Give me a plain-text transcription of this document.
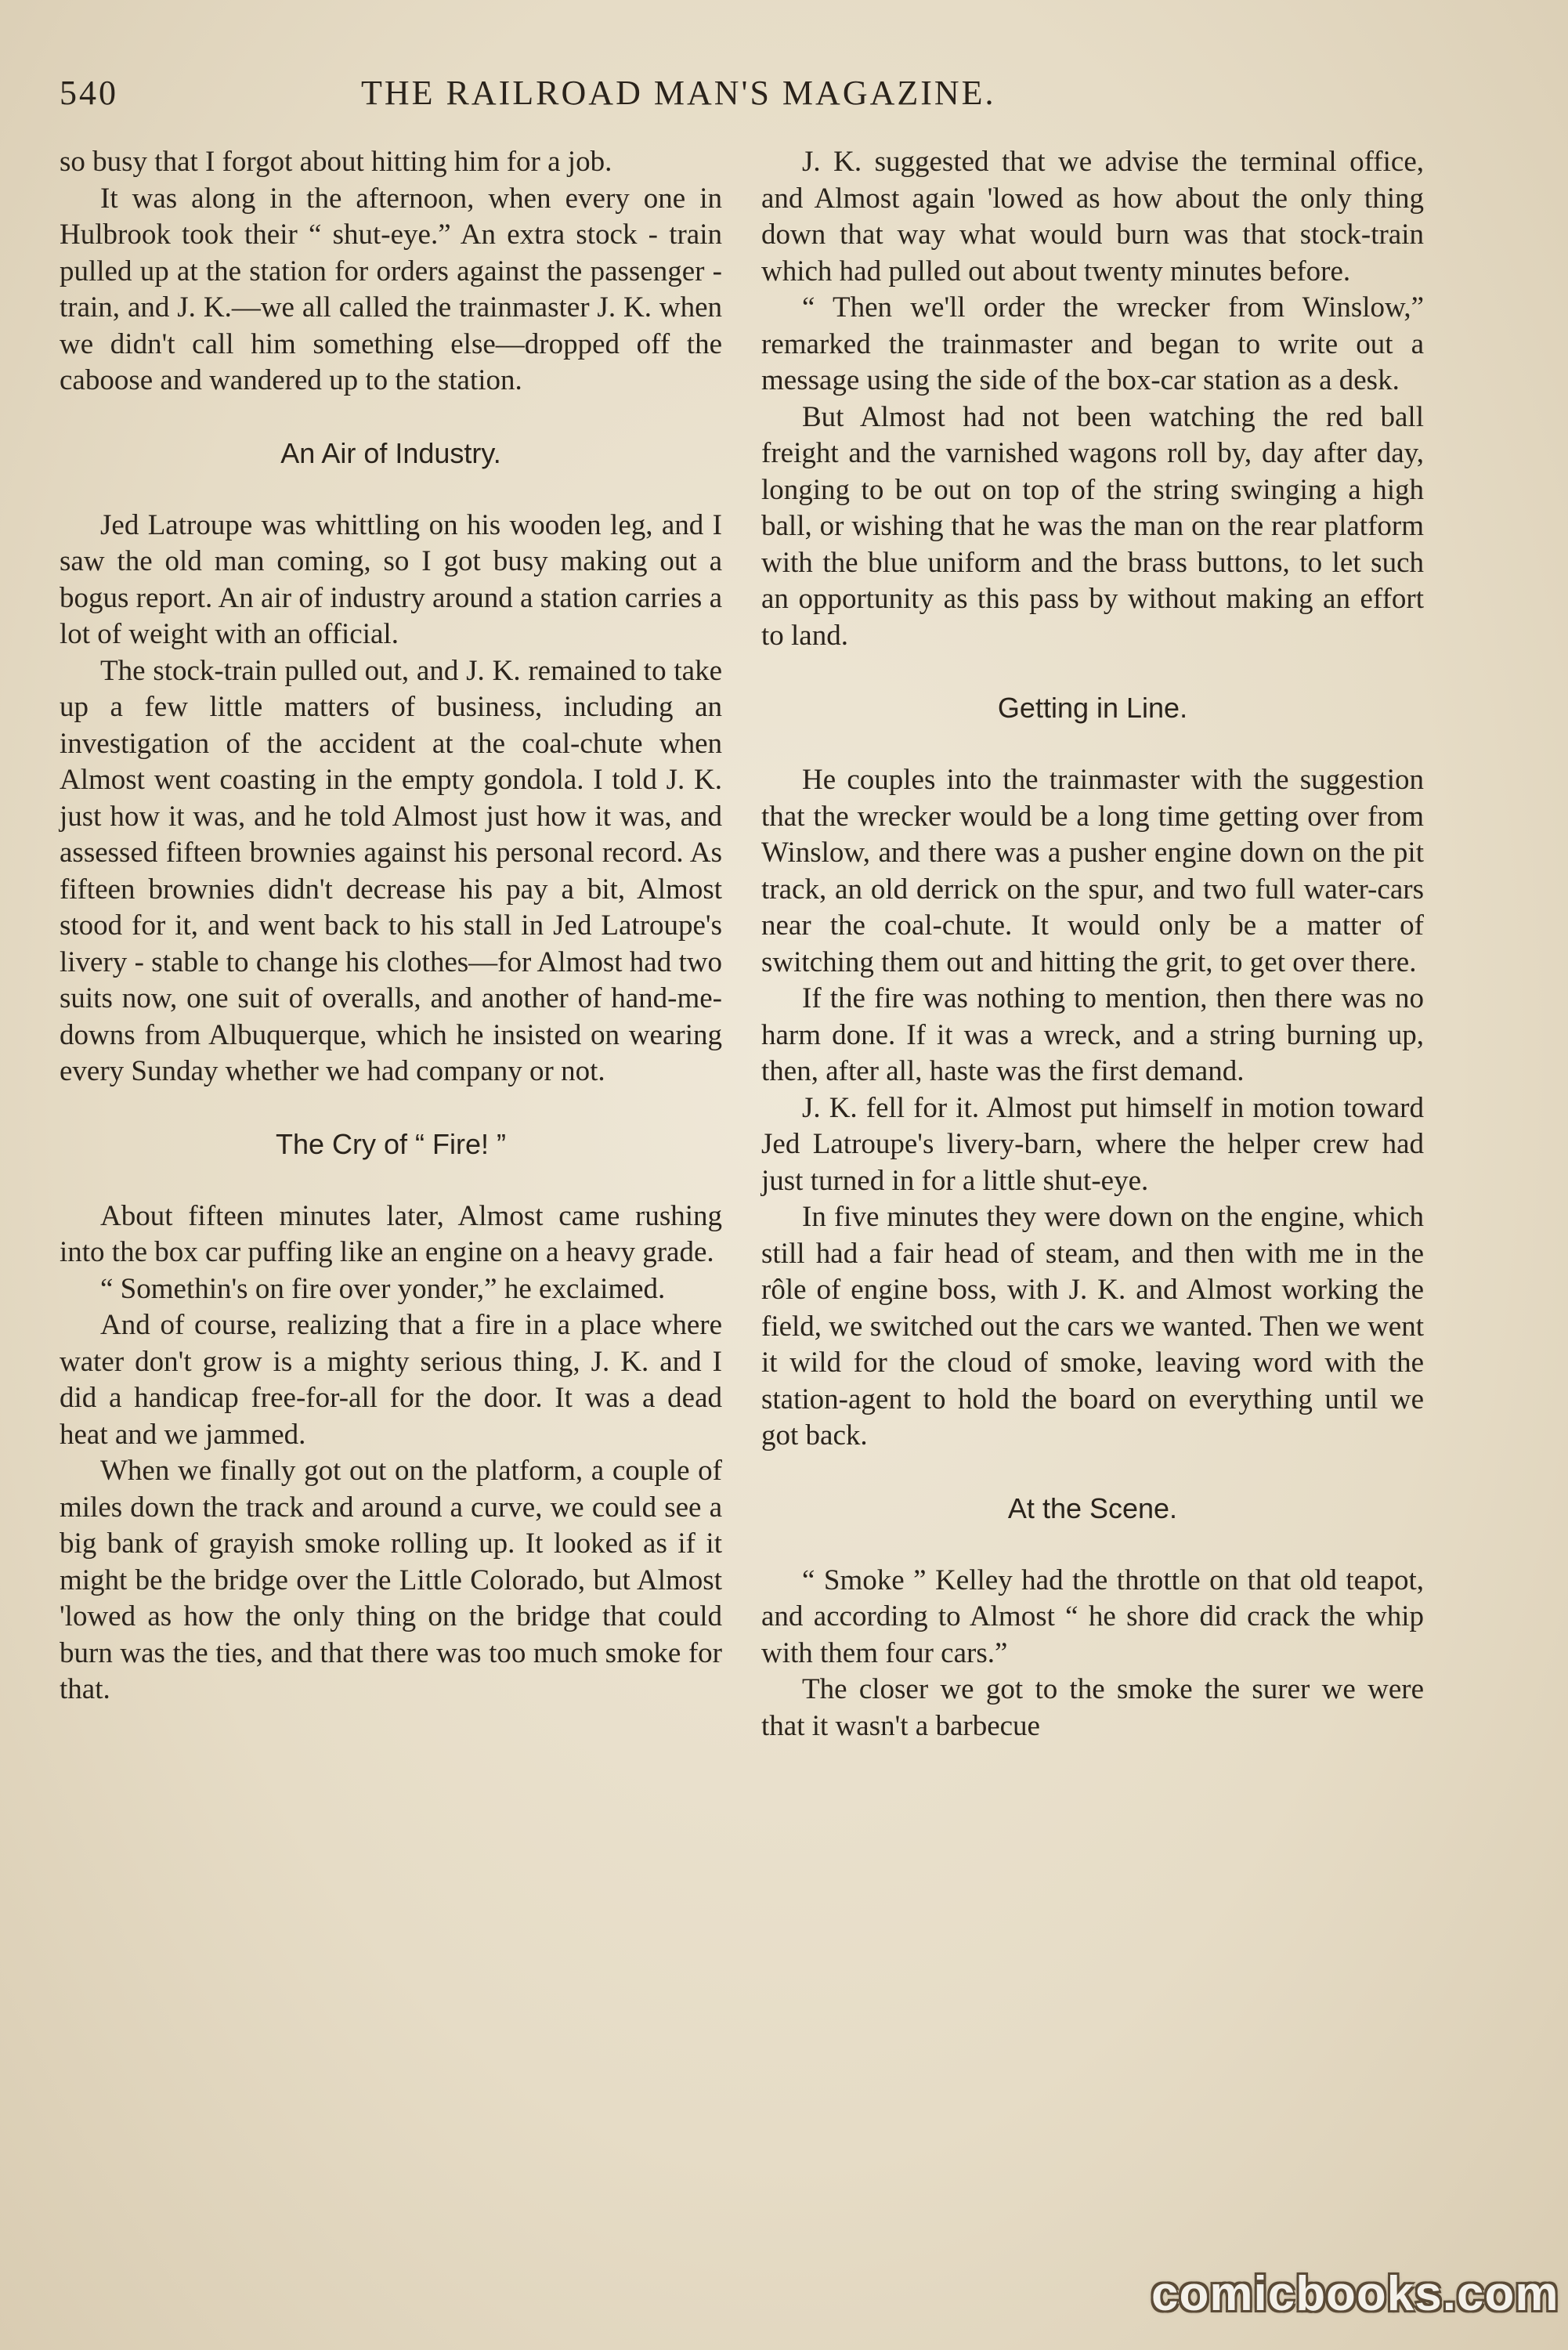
540	THE RAILROAD MAN'S MAGAZINE.

so busy that I forgot about hitting him for a job.

It was along in the afternoon, when every one in Hulbrook took their “ shut-eye.” An extra stock - train pulled up at the station for orders against the passenger - train, and J. K.—we all called the trainmaster J. K. when we didn't call him something else—dropped off the caboose and wandered up to the station.

An Air of Industry.

Jed Latroupe was whittling on his wooden leg, and I saw the old man coming, so I got busy making out a bogus report. An air of industry around a station carries a lot of weight with an official.

The stock-train pulled out, and J. K. remained to take up a few little matters of business, including an investigation of the accident at the coal-chute when Almost went coasting in the empty gondola. I told J. K. just how it was, and he told Almost just how it was, and assessed fifteen brownies against his personal record. As fifteen brownies didn't decrease his pay a bit, Almost stood for it, and went back to his stall in Jed Latroupe's livery - stable to change his clothes—for Almost had two suits now, one suit of overalls, and another of hand-me-downs from Albuquerque, which he insisted on wearing every Sunday whether we had company or not.

The Cry of “ Fire! ”

About fifteen minutes later, Almost came rushing into the box car puffing like an engine on a heavy grade.

“ Somethin's on fire over yonder,” he exclaimed.

And of course, realizing that a fire in a place where water don't grow is a mighty serious thing, J. K. and I did a handicap free-for-all for the door. It was a dead heat and we jammed.

When we finally got out on the platform, a couple of miles down the track and around a curve, we could see a big bank of grayish smoke rolling up. It looked as if it might be the bridge over the Little Colorado, but Almost 'lowed as how the only thing on the bridge that could burn was the ties, and that there was too much smoke for that.

J. K. suggested that we advise the terminal office, and Almost again 'lowed as how about the only thing down that way what would burn was that stock-train which had pulled out about twenty minutes before.

“ Then we'll order the wrecker from Winslow,” remarked the trainmaster and began to write out a message using the side of the box-car station as a desk.

But Almost had not been watching the red ball freight and the varnished wagons roll by, day after day, longing to be out on top of the string swinging a high ball, or wishing that he was the man on the rear platform with the blue uniform and the brass buttons, to let such an opportunity as this pass by without making an effort to land.

Getting in Line.

He couples into the trainmaster with the suggestion that the wrecker would be a long time getting over from Winslow, and there was a pusher engine down on the pit track, an old derrick on the spur, and two full water-cars near the coal-chute. It would only be a matter of switching them out and hitting the grit, to get over there.

If the fire was nothing to mention, then there was no harm done. If it was a wreck, and a string burning up, then, after all, haste was the first demand.

J. K. fell for it. Almost put himself in motion toward Jed Latroupe's livery-barn, where the helper crew had just turned in for a little shut-eye.

In five minutes they were down on the engine, which still had a fair head of steam, and then with me in the rôle of engine boss, with J. K. and Almost working the field, we switched out the cars we wanted. Then we went it wild for the cloud of smoke, leaving word with the station-agent to hold the board on everything until we got back.

At the Scene.

“ Smoke ” Kelley had the throttle on that old teapot, and according to Almost “ he shore did crack the whip with them four cars.”

The closer we got to the smoke the surer we were that it wasn't a barbecue

comicbooks.com
